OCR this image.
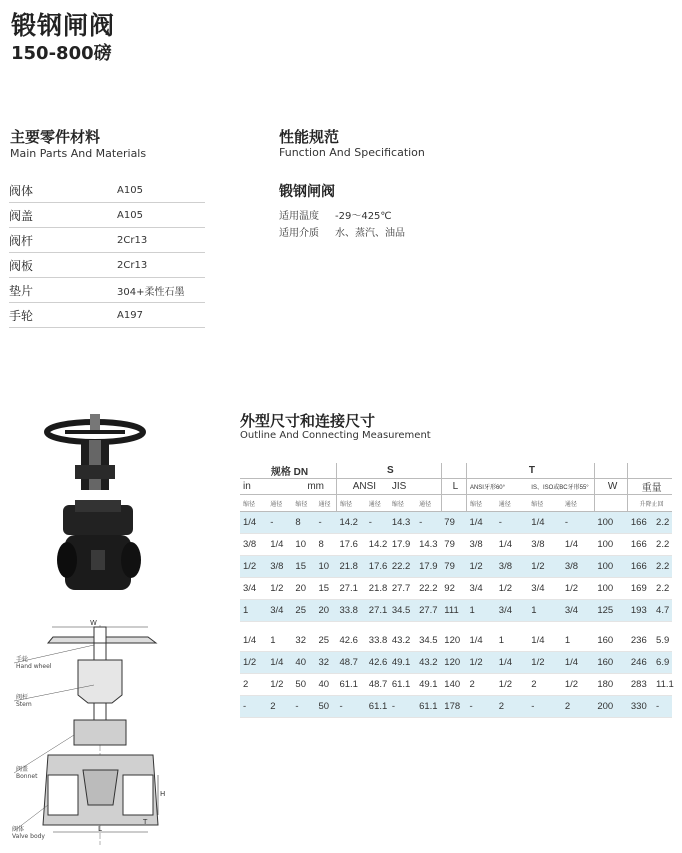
锻钢闸阀
150-800磅
主要零件材料
Main Parts And Materials
阀体	A105
阀盖	A105
阀杆	2Cr13
阀板	2Cr13
垫片	304+柔性石墨
手轮	A197
性能规范
Function And Specification
锻钢闸阀
适用温度	-29～425℃
适用介质	水、蒸汽、油品
W
L
T
H
手轮
Hand wheel
阀杆
Stem
阀盖
Bonnet
阀体
Valve body
外型尺寸和连接尺寸
Outline And Connecting Measurement
规格 DN				S					T						
in		mm		ANSI		JIS		L	ANSI牙形60°		IS、ISO或BC牙形55°		W	重量	
缩径	通径	缩径	通径	缩径	通径	缩径	通径		缩径	通径	缩径	通径		升降止回	
1/4	-	8	-	14.2	-	14.3	-	79	1/4	-	1/4	-	100	166	2.2
3/8	1/4	10	8	17.6	14.2	17.9	14.3	79	3/8	1/4	3/8	1/4	100	166	2.2
1/2	3/8	15	10	21.8	17.6	22.2	17.9	79	1/2	3/8	1/2	3/8	100	166	2.2
3/4	1/2	20	15	27.1	21.8	27.7	22.2	92	3/4	1/2	3/4	1/2	100	169	2.2
1	3/4	25	20	33.8	27.1	34.5	27.7	111	1	3/4	1	3/4	125	193	4.7

1/4	1	32	25	42.6	33.8	43.2	34.5	120	1/4	1	1/4	1	160	236	5.9
1/2	1/4	40	32	48.7	42.6	49.1	43.2	120	1/2	1/4	1/2	1/4	160	246	6.9
2	1/2	50	40	61.1	48.7	61.1	49.1	140	2	1/2	2	1/2	180	283	11.1
-	2	-	50	-	61.1	-	61.1	178	-	2	-	2	200	330	-
